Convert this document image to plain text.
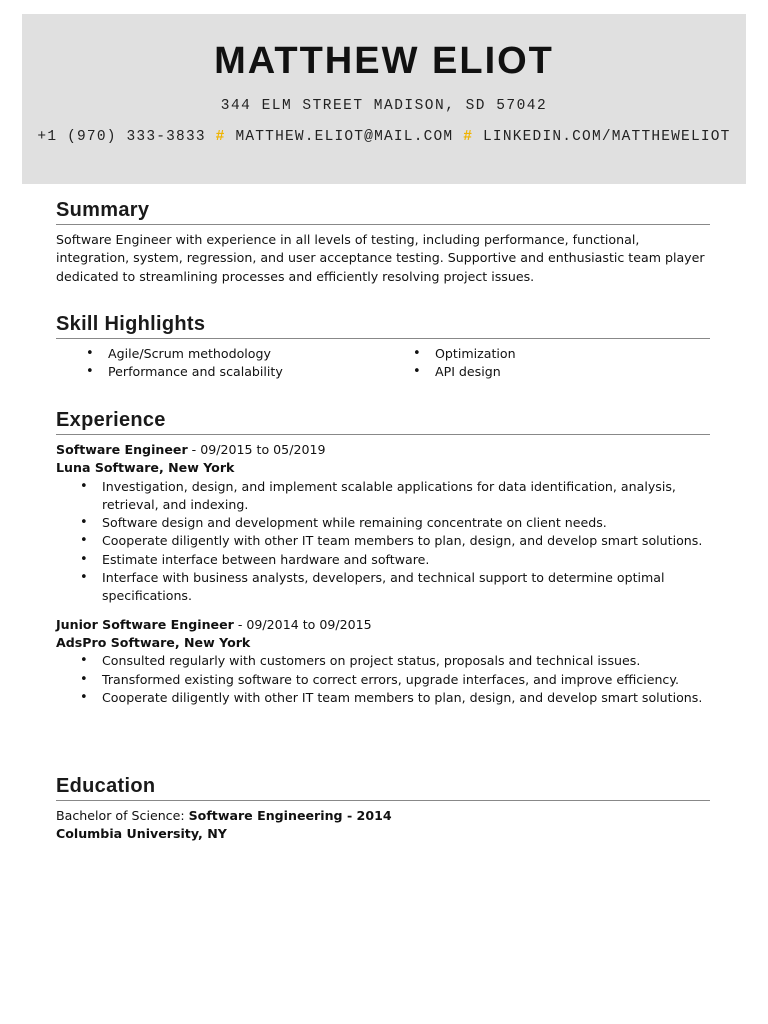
MATTHEW ELIOT
344 ELM STREET MADISON, SD 57042
+1 (970) 333-3833 # MATTHEW.ELIOT@MAIL.COM # LINKEDIN.COM/MATTHEWELIOT
Summary
Software Engineer with experience in all levels of testing, including performance, functional, integration, system, regression, and user acceptance testing. Supportive and enthusiastic team player dedicated to streamlining processes and efficiently resolving project issues.
Skill Highlights
• Agile/Scrum methodology
• Performance and scalability
• Optimization
• API design
Experience
Software Engineer - 09/2015 to 05/2019
Luna Software, New York
• Investigation, design, and implement scalable applications for data identification, analysis, retrieval, and indexing.
• Software design and development while remaining concentrate on client needs.
• Cooperate diligently with other IT team members to plan, design, and develop smart solutions.
• Estimate interface between hardware and software.
• Interface with business analysts, developers, and technical support to determine optimal specifications.
Junior Software Engineer - 09/2014 to 09/2015
AdsPro Software, New York
• Consulted regularly with customers on project status, proposals and technical issues.
• Transformed existing software to correct errors, upgrade interfaces, and improve efficiency.
• Cooperate diligently with other IT team members to plan, design, and develop smart solutions.
Education
Bachelor of Science: Software Engineering - 2014
Columbia University, NY
